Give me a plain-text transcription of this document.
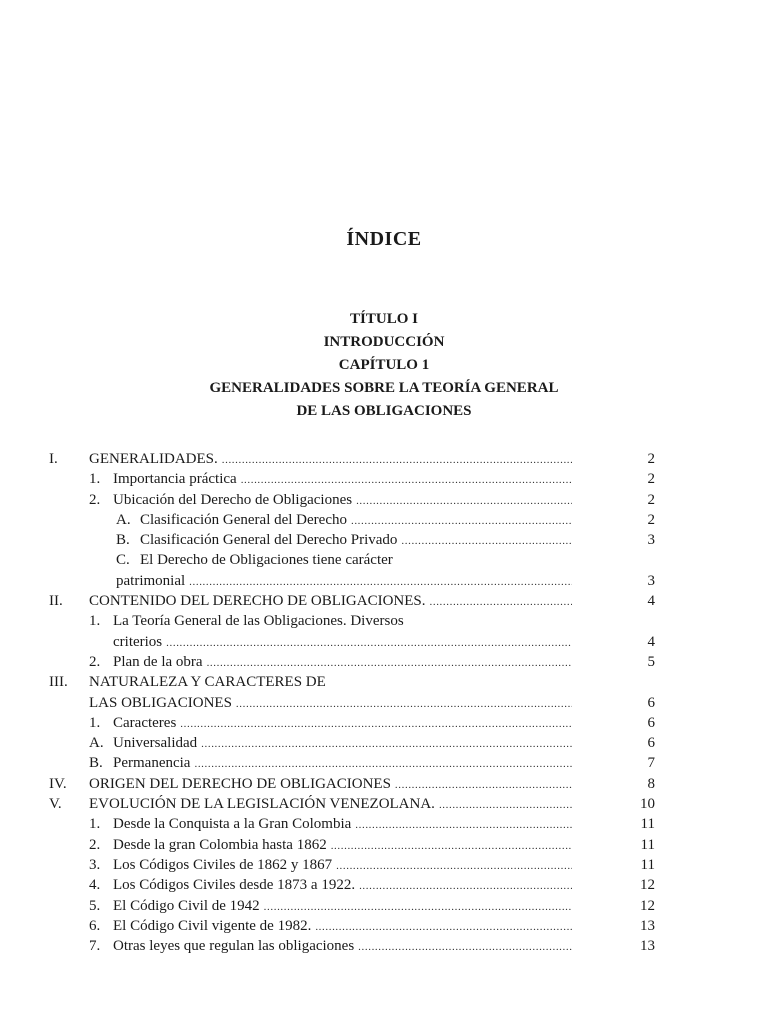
ÍNDICE
TÍTULO I
INTRODUCCIÓN
CAPÍTULO 1
GENERALIDADES SOBRE LA TEORÍA GENERAL
DE LAS OBLIGACIONES
I. GENERALIDADES. .....	2
1. Importancia práctica .....	2
2. Ubicación del Derecho de Obligaciones .....	2
A. Clasificación General del Derecho .....	2
B. Clasificación General del Derecho Privado .....	3
C. El Derecho de Obligaciones tiene carácter
patrimonial .....	3
II. CONTENIDO DEL DERECHO DE OBLIGACIONES. .....	4
1. La Teoría General de las Obligaciones. Diversos
criterios .....	4
2. Plan de la obra .....	5
III. NATURALEZA Y CARACTERES DE
LAS OBLIGACIONES .....	6
1. Caracteres .....	6
A. Universalidad .....	6
B. Permanencia .....	7
IV. ORIGEN DEL DERECHO DE OBLIGACIONES .....	8
V. EVOLUCIÓN DE LA LEGISLACIÓN VENEZOLANA. .....	10
1. Desde la Conquista a la Gran Colombia .....	11
2. Desde la gran Colombia hasta 1862 .....	11
3. Los Códigos Civiles de 1862 y 1867 .....	11
4. Los Códigos Civiles desde 1873 a 1922. .....	12
5. El Código Civil de 1942 .....	12
6. El Código Civil vigente de 1982. .....	13
7. Otras leyes que regulan las obligaciones .....	13
